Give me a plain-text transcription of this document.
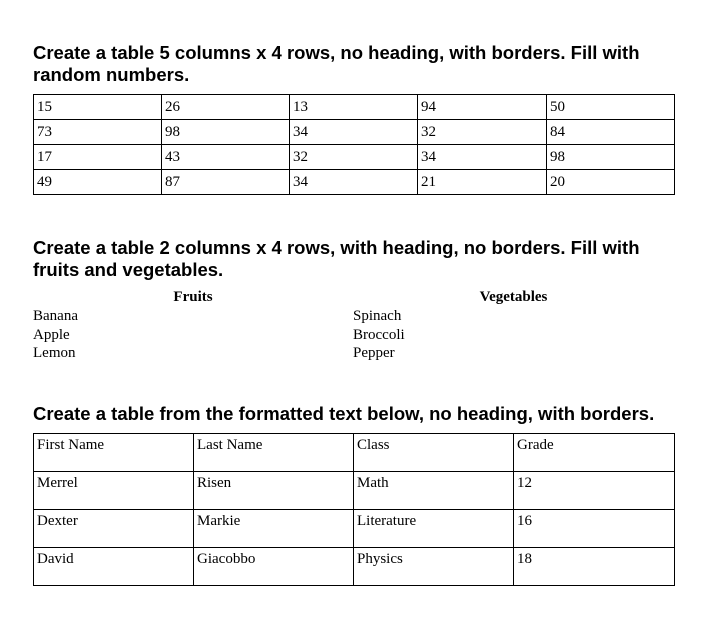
Create a table 5 columns x 4 rows, no heading, with borders. Fill with random numbers.

15	26	13	94	50
73	98	34	32	84
17	43	32	34	98
49	87	34	21	20

Create a table 2 columns x 4 rows, with heading, no borders. Fill with fruits and vegetables.

Fruits	Vegetables
Banana	Spinach
Apple	Broccoli
Lemon	Pepper

Create a table from the formatted text below, no heading, with borders.

First Name	Last Name	Class	Grade
Merrel	Risen	Math	12
Dexter	Markie	Literature	16
David	Giacobbo	Physics	18
